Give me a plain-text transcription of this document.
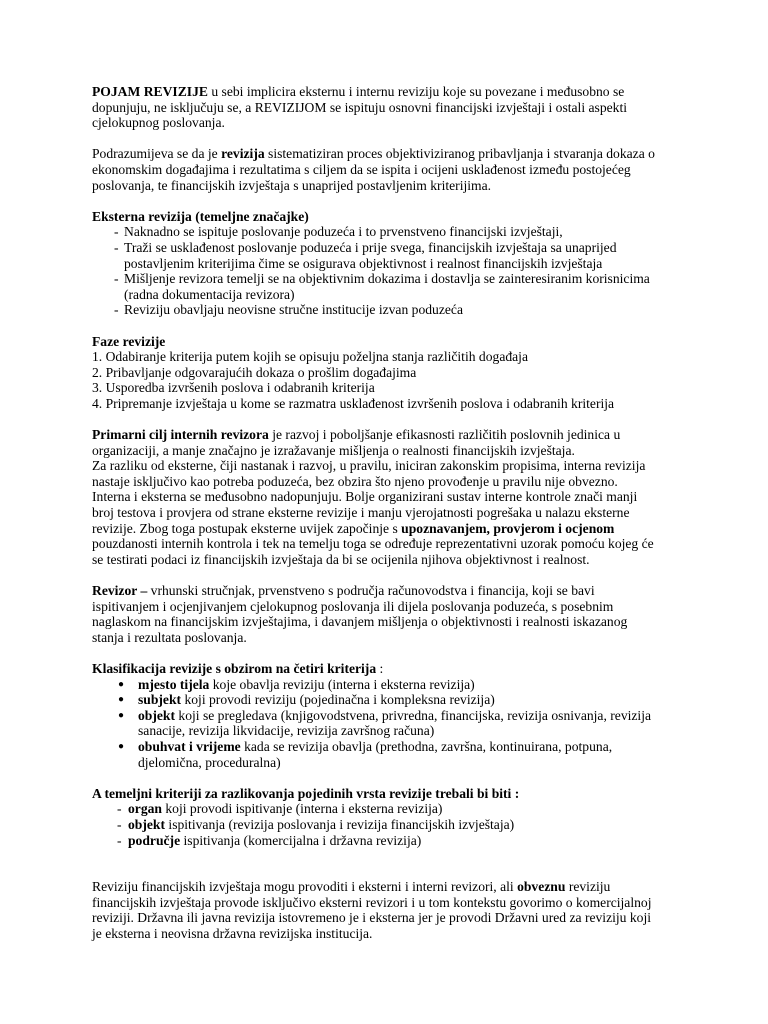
POJAM REVIZIJE u sebi implicira eksternu i internu reviziju koje su povezane i međusobno se dopunjuju, ne isključuju se, a REVIZIJOM se ispituju osnovni financijski izvještaji i ostali aspekti cjelokupnog poslovanja.

Podrazumijeva se da je revizija sistematiziran proces objektiviziranog pribavljanja i stvaranja dokaza o ekonomskim događajima i rezultatima s ciljem da se ispita i ocijeni usklađenost između postojećeg poslovanja, te financijskih izvještaja s unaprijed postavljenim kriterijima.

Eksterna revizija (temeljne značajke)

- Naknadno se ispituje poslovanje poduzeća i to prvenstveno financijski izvještaji,
- Traži se usklađenost poslovanje poduzeća i prije svega, financijskih izvještaja sa unaprijed postavljenim kriterijima čime se osigurava objektivnost i realnost financijskih izvještaja
- Mišljenje revizora temelji se na objektivnim dokazima i dostavlja se zainteresiranim korisnicima (radna dokumentacija revizora)
- Reviziju obavljaju neovisne stručne institucije izvan poduzeća

Faze revizije

1. Odabiranje kriterija putem kojih se opisuju poželjna stanja različitih događaja

2. Pribavljanje odgovarajućih dokaza o prošlim događajima

3. Usporedba izvršenih poslova i odabranih kriterija

4. Pripremanje izvještaja u kome se razmatra usklađenost izvršenih poslova i odabranih kriterija

Primarni cilj internih revizora je razvoj i poboljšanje efikasnosti različitih poslovnih jedinica u organizaciji, a manje značajno je izražavanje mišljenja o realnosti financijskih izvještaja.

Za razliku od eksterne, čiji nastanak i razvoj, u pravilu, iniciran zakonskim propisima, interna revizija nastaje isključivo kao potreba poduzeća, bez obzira što njeno provođenje u pravilu nije obvezno.

Interna i eksterna se međusobno nadopunjuju. Bolje organizirani sustav interne kontrole znači manji broj testova i provjera od strane eksterne revizije i manju vjerojatnosti pogrešaka u nalazu eksterne revizije. Zbog toga postupak eksterne uvijek započinje s upoznavanjem, provjerom i ocjenom pouzdanosti internih kontrola i tek na temelju toga se određuje reprezentativni uzorak pomoću kojeg će se testirati podaci iz financijskih izvještaja da bi se ocijenila njihova objektivnost i realnost.

Revizor – vrhunski stručnjak, prvenstveno s područja računovodstva i financija, koji se bavi ispitivanjem i ocjenjivanjem cjelokupnog poslovanja ili dijela poslovanja poduzeća, s posebnim naglaskom na financijskim izvještajima, i davanjem mišljenja o objektivnosti i realnosti iskazanog stanja i rezultata poslovanja.

Klasifikacija revizije s obzirom na četiri kriterija :

● mjesto tijela koje obavlja reviziju (interna i eksterna revizija)
● subjekt koji provodi reviziju (pojedinačna i kompleksna revizija)
● objekt koji se pregledava (knjigovodstvena, privredna, financijska, revizija osnivanja, revizija sanacije, revizija likvidacije, revizija završnog računa)
● obuhvat i vrijeme kada se revizija obavlja (prethodna, završna, kontinuirana, potpuna, djelomična, proceduralna)

A temeljni kriteriji za razlikovanja pojedinih vrsta revizije trebali bi biti :

- organ koji provodi ispitivanje (interna i eksterna revizija)
- objekt ispitivanja (revizija poslovanja i revizija financijskih izvještaja)
- područje ispitivanja (komercijalna i državna revizija)

Reviziju financijskih izvještaja mogu provoditi i eksterni i interni revizori, ali obveznu reviziju financijskih izvještaja provode isključivo eksterni revizori i u tom kontekstu govorimo o komercijalnoj reviziji. Državna ili javna revizija istovremeno je i eksterna jer je provodi Državni ured za reviziju koji je eksterna i neovisna državna revizijska institucija.
